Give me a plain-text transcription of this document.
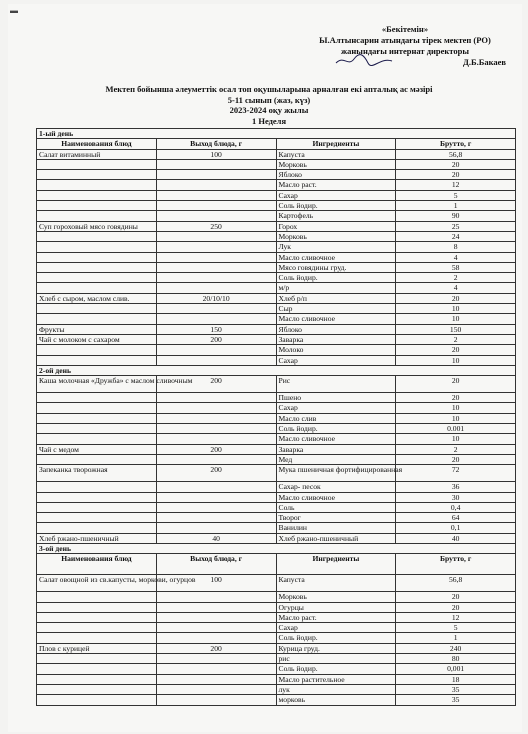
▬
«Бекітемін»
Ы.Алтынсарин атындағы тірек мектеп (РО)
жанындағы интернат директоры
Д.Б.Бакаев
Мектеп бойынша әлеуметтік осал топ оқушыларына арналған екі апталық ас мәзірі
5-11 сынып (жаз, күз)
2023-2024 оқу жылы
1 Неделя
1-ый день			
Наименования блюд	Выход блюда, г	Ингредиенты	Брутто, г
Салат витаминный	100	Капуста	56,8
		Морковь	20
		Яблоко	20
		Масло раст.	12
		Сахар	5
		Соль йодир.	1
		Картофель	90
Суп гороховый мясо говядины	250	Горох	25
		Морковь	24
		Лук	8
		Масло сливочное	4
		Мясо говядины груд.	58
		Соль йодир.	2
		м/р	4
Хлеб с сыром, маслом слив.	20/10/10	Хлеб р/п	20
		Сыр	10
		Масло сливочное	10
Фрукты	150	Яблоко	150
Чай с молоком с сахаром	200	Заварка	2
		Молоко	20
		Сахар	10
2-ой день			
Каша молочная «Дружба» с маслом сливочным	200	Рис	20
		Пшено	20
		Сахар	10
		Масло слив	10
		Соль йодир.	0.001
		Масло сливочное	10
Чай с медом	200	Заварка	2
		Мед	20
Запеканка творожная	200	Мука пшеничная фортифицированная	72
		Сахар- песок	36
		Масло сливочное	30
		Соль	0,4
		Творог	64
		Ванилин	0,1
Хлеб ржано-пшеничный	40	Хлеб ржано-пшеничный	40
3-ой день			
Наименования блюд	Выход блюда, г	Ингредиенты	Брутто, г
Салат овощной из св.капусты, моркови, огурцов	100	Капуста	56,8
		Морковь	20
		Огурцы	20
		Масло раст.	12
		Сахар	5
		Соль йодир.	1
Плов с курицей	200	Курица груд.	240
		рис	80
		Соль йодир.	0,001
		Масло растительное	18
		лук	35
		морковь	35
